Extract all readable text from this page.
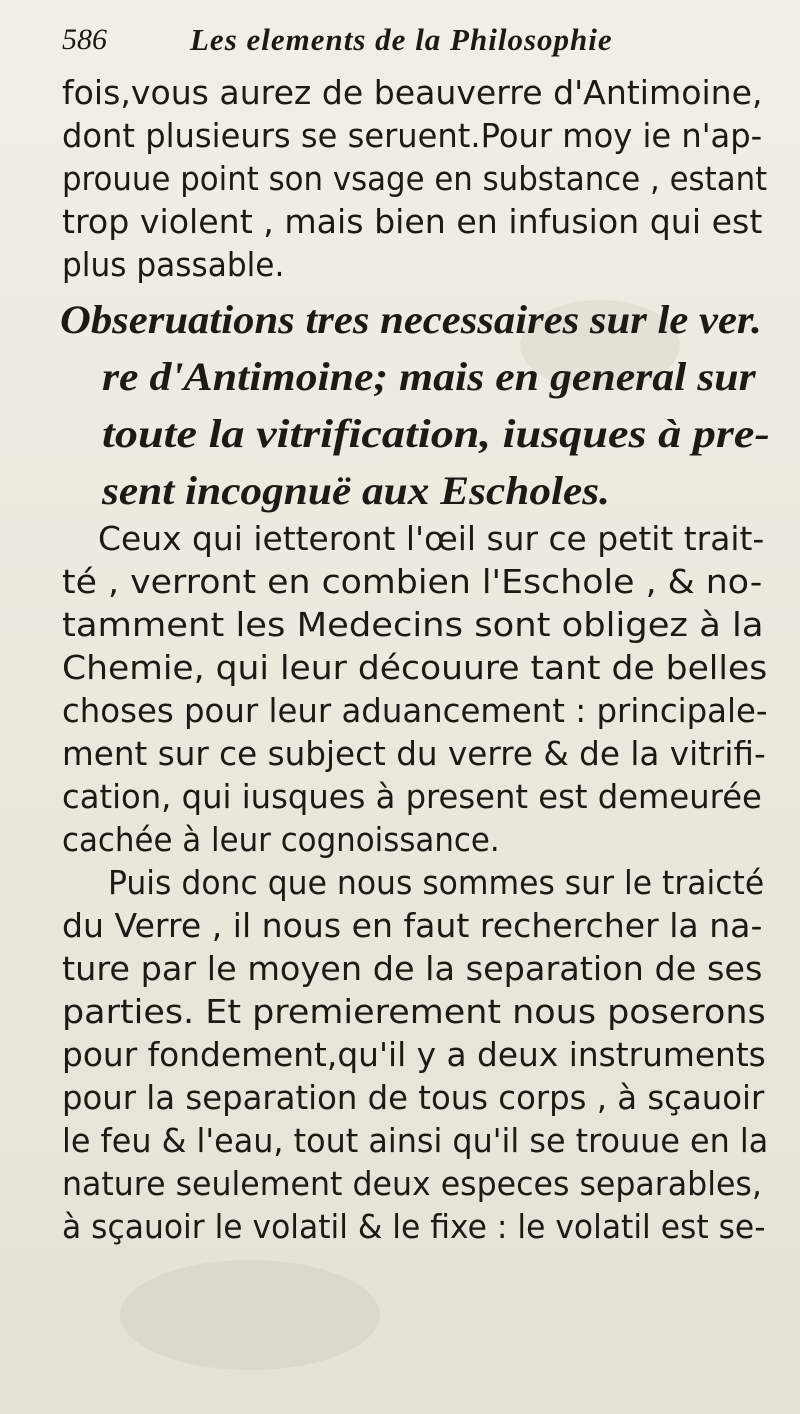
586	Les elements de la Philosophie
fois,vous aurez de beauverre d'Antimoine,
dont plusieurs se seruent.Pour moy ie n'ap-
prouue point son vsage en substance , estant
trop violent , mais bien en infusion qui est
plus passable.
Obseruations tres necessaires sur le ver.
re d'Antimoine; mais en general sur
toute la vitrification, iusques à pre-
sent incognuë aux Escholes.
Ceux qui ietteront l'œil sur ce petit trait-
té , verront en combien l'Eschole , & no-
tamment les Medecins sont obligez à la
Chemie, qui leur découure tant de belles
choses pour leur aduancement : principale-
ment sur ce subject du verre & de la vitrifi-
cation, qui iusques à present est demeurée
cachée à leur cognoissance.
Puis donc que nous sommes sur le traicté
du Verre , il nous en faut rechercher la na-
ture par le moyen de la separation de ses
parties. Et premierement nous poserons
pour fondement,qu'il y a deux instruments
pour la separation de tous corps , à sçauoir
le feu & l'eau, tout ainsi qu'il se trouue en la
nature seulement deux especes separables,
à sçauoir le volatil & le fixe : le volatil est se-
